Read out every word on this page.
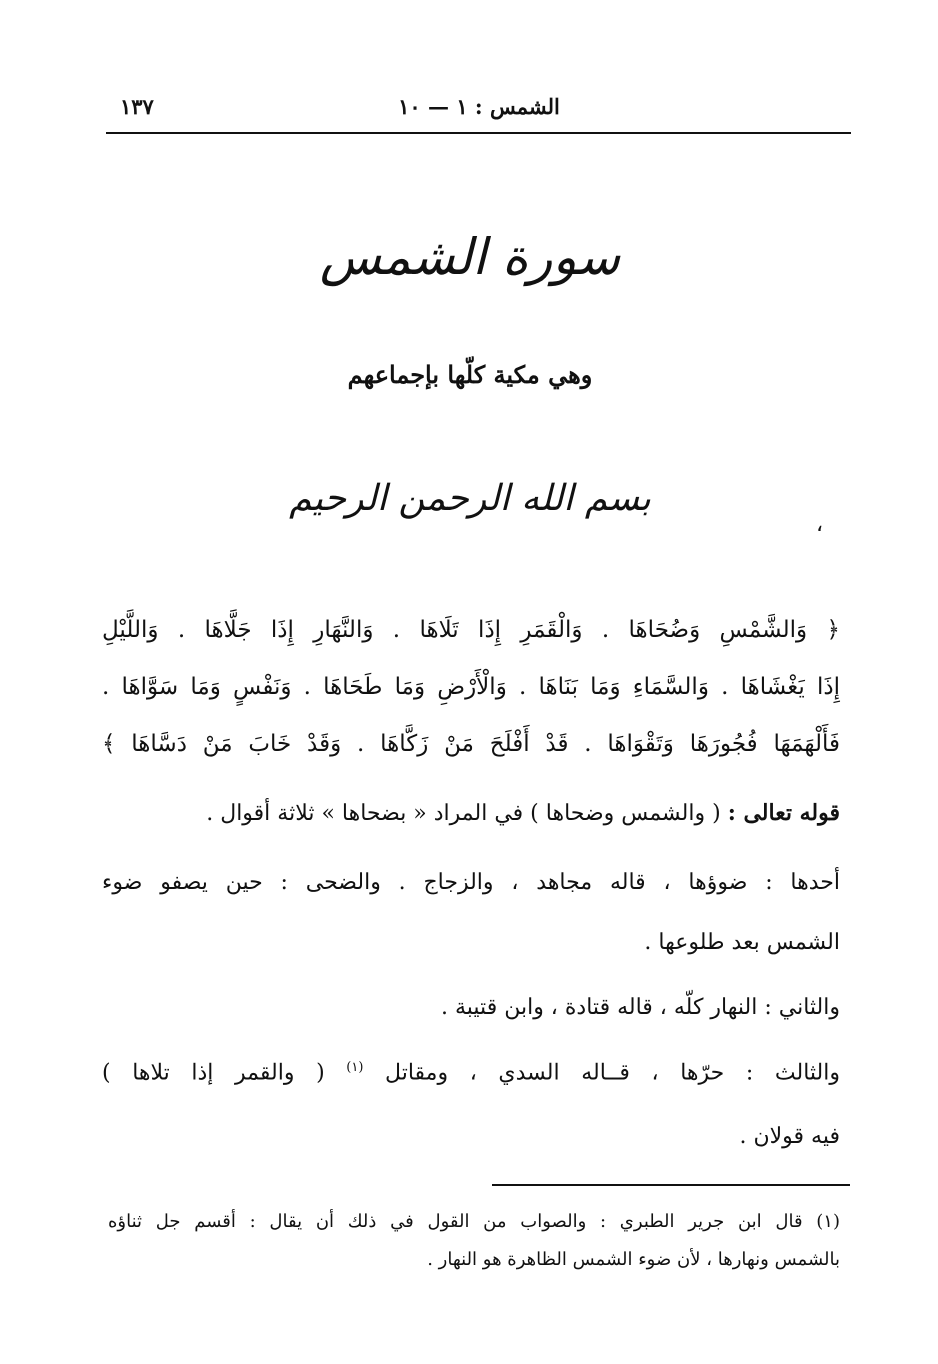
الشمس : ١ — ١٠
١٣٧
سورة الشمس
وهي مكية كلّها بإجماعهم
بسم الله الرحمن الرحيم
،
﴿ وَالشَّمْسِ وَضُحَاهَا . وَالْقَمَرِ إِذَا تَلَاهَا . وَالنَّهَارِ إِذَا جَلَّاهَا . وَاللَّيْلِ
إِذَا يَغْشَاهَا . وَالسَّمَاءِ وَمَا بَنَاهَا . وَالْأَرْضِ وَمَا طَحَاهَا . وَنَفْسٍ وَمَا سَوَّاهَا .
فَأَلْهَمَهَا فُجُورَهَا وَتَقْوَاهَا . قَدْ أَفْلَحَ مَنْ زَكَّاهَا . وَقَدْ خَابَ مَنْ دَسَّاهَا ﴾
قوله تعالى : ( والشمس وضحاها ) في المراد « بضحاها » ثلاثة أقوال .
أحدها : ضوؤها ، قاله مجاهد ، والزجاج . والضحى : حين يصفو ضوء
الشمس بعد طلوعها .
والثاني : النهار كلّه ، قاله قتادة ، وابن قتيبة .
والثالث : حرّها ، قــاله السدي ، ومقاتل $^{(١)}$ ( والقمر إذا تلاها )
فيه قولان .
(١) قال ابن جرير الطبري : والصواب من القول في ذلك أن يقال : أقسم جل ثناؤه
بالشمس ونهارها ، لأن ضوء الشمس الظاهرة هو النهار .
